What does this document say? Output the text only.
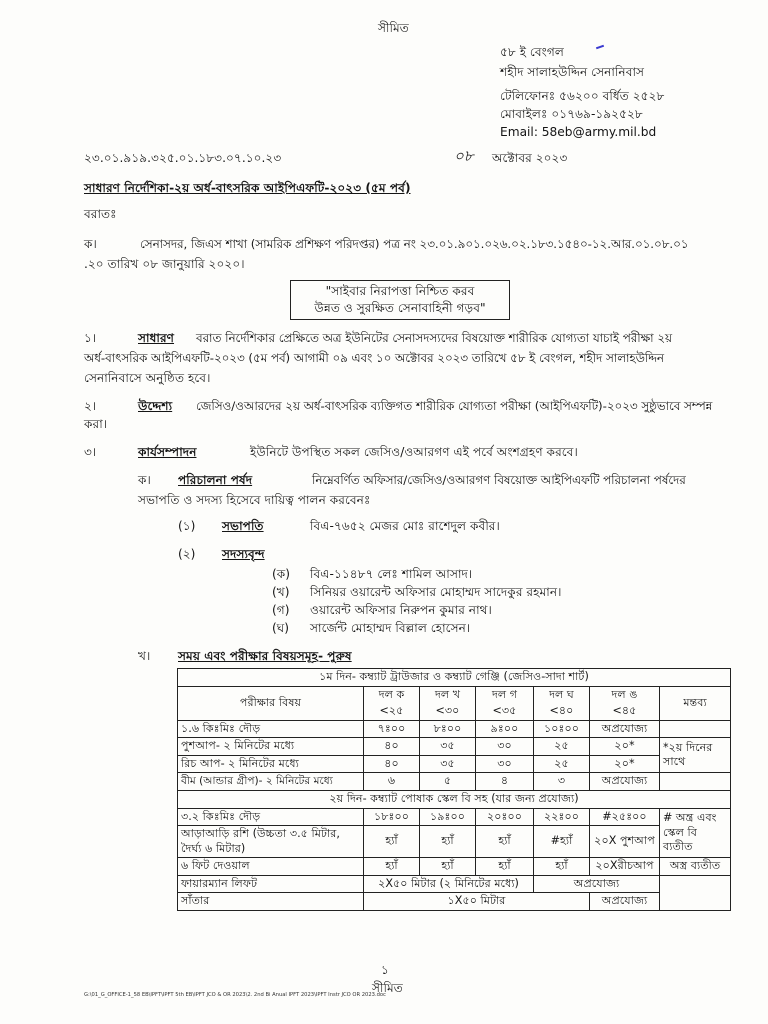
সীমিত
৫৮ ই বেংগল
শহীদ সালাহউদ্দিন সেনানিবাস
টেলিফোনঃ ৫৬২০০ বর্ধিত ২৫২৮
মোবাইলঃ ০১৭৬৯-১৯২৫২৮
Email: 58eb@army.mil.bd
২৩.০১.৯১৯.৩২৫.০১.১৮৩.০৭.১০.২৩	০৮ অক্টোবর ২০২৩
সাধারণ নির্দেশিকা-২য় অর্ধ-বাৎসরিক আইপিএফটি-২০২৩ (৫ম পর্ব)
বরাতঃ
ক।	সেনাসদর, জিএস শাখা (সামরিক প্রশিক্ষণ পরিদপ্তর) পত্র নং ২৩.০১.৯০১.০২৬.০২.১৮৩.১৫৪০-১২.আর.০১.০৮.০১
.২০ তারিখ ০৮ জানুয়ারি ২০২০।
"সাইবার নিরাপত্তা নিশ্চিত করব
উন্নত ও সুরক্ষিত সেনাবাহিনী গড়ব"
১।	সাধারণ বরাত নির্দেশিকার প্রেক্ষিতে অত্র ইউনিটের সেনাসদস্যদের বিষয়োক্ত শারীরিক যোগ্যতা যাচাই পরীক্ষা ২য়
অর্ধ-বাৎসরিক আইপিএফটি-২০২৩ (৫ম পর্ব) আগামী ০৯ এবং ১০ অক্টোবর ২০২৩ তারিখে ৫৮ ই বেংগল, শহীদ সালাহউদ্দিন
সেনানিবাসে অনুষ্ঠিত হবে।
২।	উদ্দেশ্য জেসিও/ওআরদের ২য় অর্ধ-বাৎসরিক ব্যক্তিগত শারীরিক যোগ্যতা পরীক্ষা (আইপিএফটি)-২০২৩ সুষ্ঠুভাবে সম্পন্ন
করা।
৩।	কার্যসম্পাদন	ইউনিটে উপস্থিত সকল জেসিও/ওআরগণ এই পর্বে অংশগ্রহণ করবে।
ক। পরিচালনা পর্ষদ	নিম্নেবর্ণিত অফিসার/জেসিও/ওআরগণ বিষয়োক্ত আইপিএফটি পরিচালনা পর্ষদের
সভাপতি ও সদস্য হিসেবে দায়িত্ব পালন করবেনঃ
(১) সভাপতি	বিএ-৭৬৫২ মেজর মোঃ রাশেদুল কবীর।
(২) সদস্যবৃন্দ
(ক) বিএ-১১৪৮৭ লেঃ শামিল আসাদ।
(খ) সিনিয়র ওয়ারেন্ট অফিসার মোহাম্মদ সাদেকুর রহমান।
(গ) ওয়ারেন্ট অফিসার নিরুপন কুমার নাথ।
(ঘ) সার্জেন্ট মোহাম্মদ বিল্লাল হোসেন।
খ। সময় এবং পরীক্ষার বিষয়সমূহ- পুরুষ
১ম দিন- কম্ব্যাট ট্রাউজার ও কম্ব্যাট গেঞ্জি (জেসিও-সাদা শার্ট)						
পরীক্ষার বিষয়	দল ক	দল খ	দল গ	দল ঘ	দল ঙ	মন্তব্য
	<২৫	<৩০	<৩৫	<৪০	<৪৫	
১.৬ কিঃমিঃ দৌড়	৭ঃ০০	৮ঃ০০	৯ঃ০০	১০ঃ০০	অপ্রযোজ্য	
পুশআপ- ২ মিনিটের মধ্যে	৪০	৩৫	৩০	২৫	২০*	*২য় দিনের সাথে
রিচ আপ- ২ মিনিটের মধ্যে	৪০	৩৫	৩০	২৫	২০*	
বীম (আন্ডার গ্রীপ)- ২ মিনিটের মধ্যে	৬	৫	৪	৩	অপ্রযোজ্য	
২য় দিন- কম্ব্যাট পোষাক স্কেল বি সহ (যার জন্য প্রযোজ্য)						
৩.২ কিঃমিঃ দৌড়	১৮ঃ০০	১৯ঃ০০	২০ঃ০০	২২ঃ০০	#২৫ঃ০০	# অন্ত্র এবং স্কেল বি ব্যতীত
আড়াআড়ি রশি (উচ্চতা ৩.৫ মিটার, দৈর্ঘ্য ৬ মিটার)	হ্যাঁ	হ্যাঁ	হ্যাঁ	#হ্যাঁ	২০X পুশআপ	
৬ ফিট দেওয়াল	হ্যাঁ	হ্যাঁ	হ্যাঁ	হ্যাঁ	২০Xরীচআপ	অস্ত্র ব্যতীত
ফায়ারম্যান লিফট	২X৫০ মিটার (২ মিনিটের মধ্যে)			অপ্রযোজ্য		
সাঁতার	১X৫০ মিটার				অপ্রযোজ্য	
১
সীমিত
G:\01_G_OFFICE-1_58 EB\IPFT\IPFT 5th EB\IPFT JCO & OR 2023\2. 2nd Bi Anual IPFT 2023\IPFT Instr JCO OR 2023.doc
